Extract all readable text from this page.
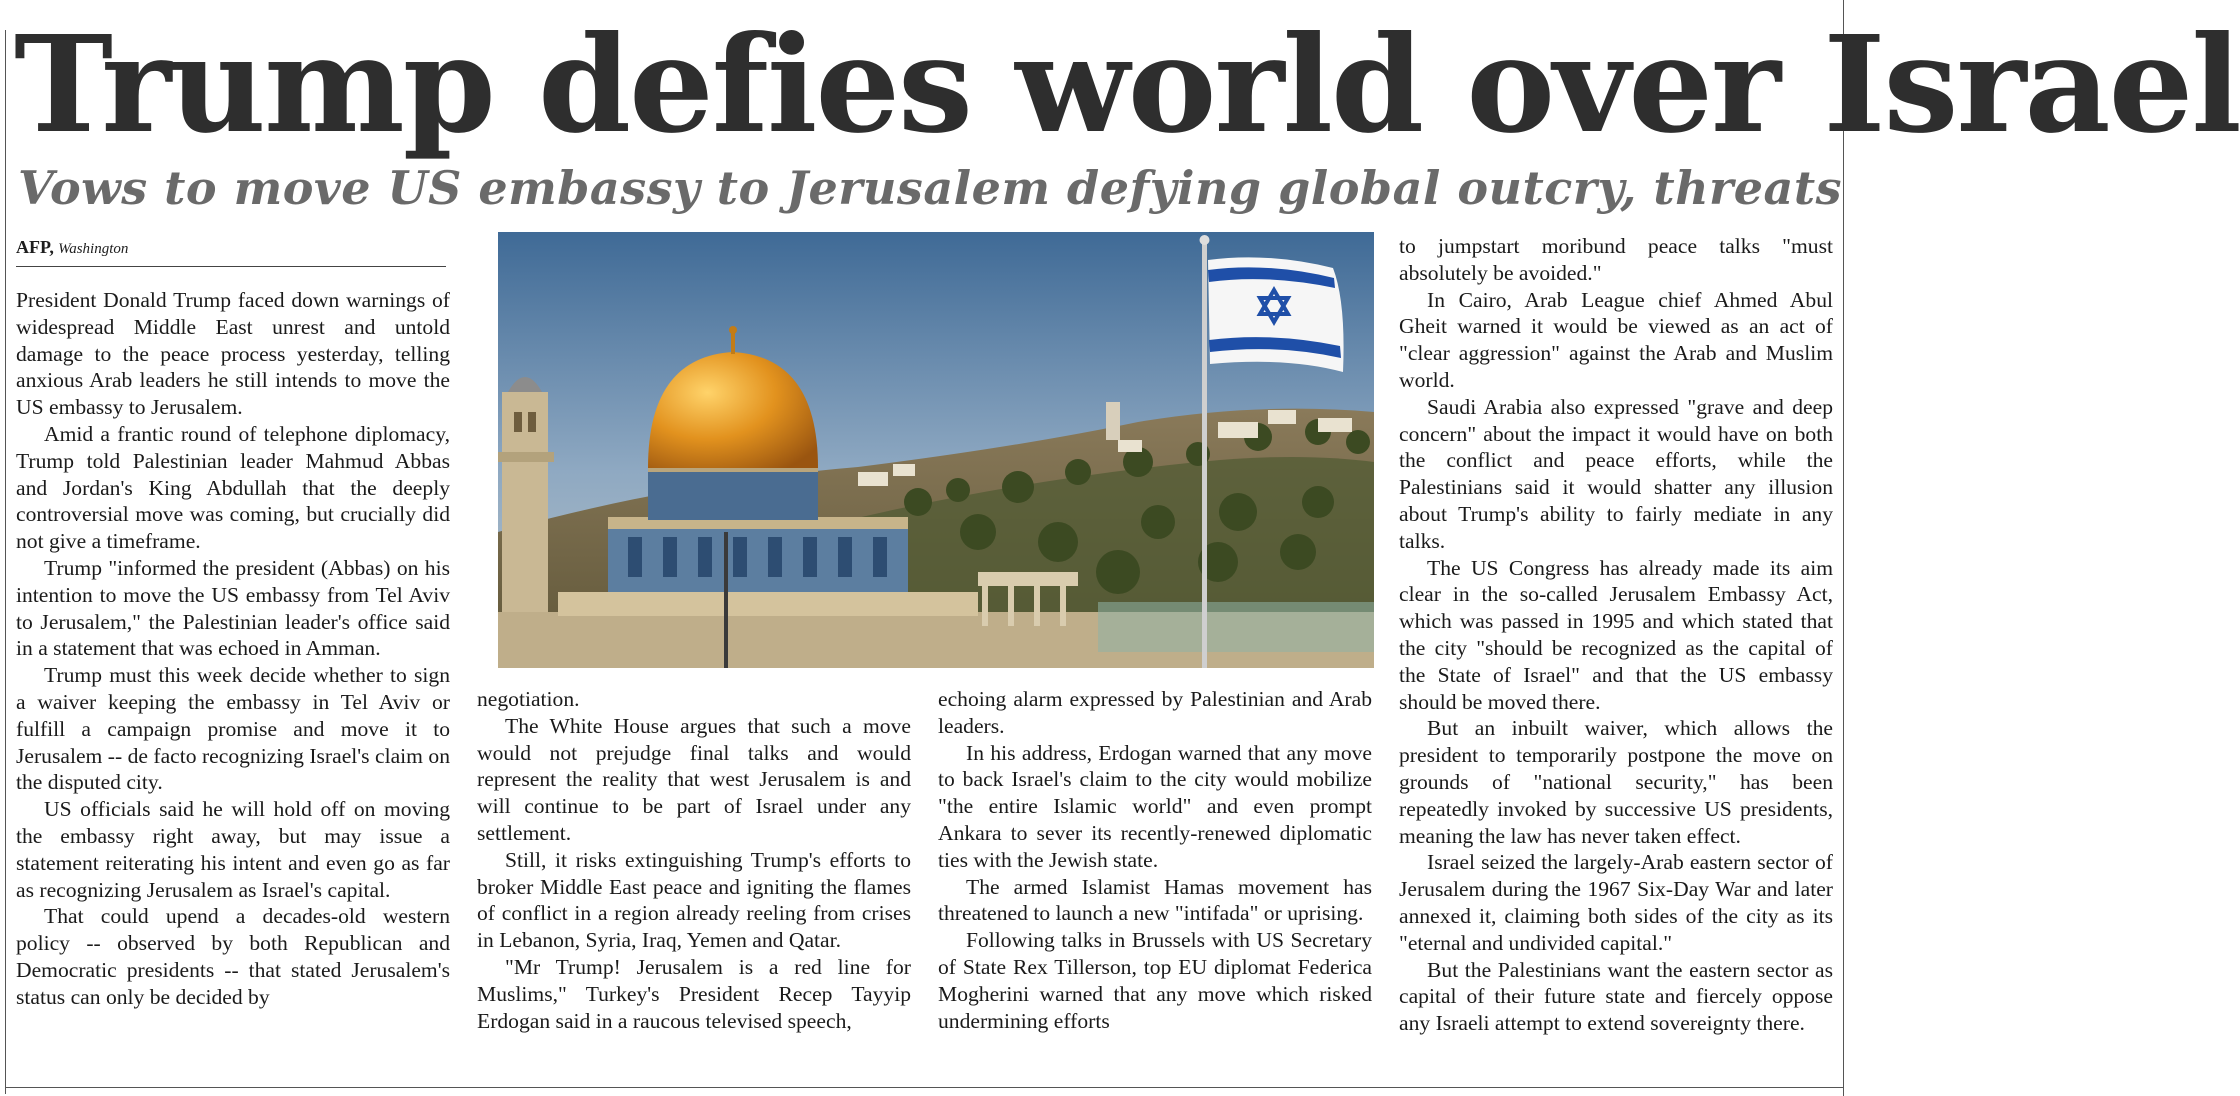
Trump defies world over Israel
Vows to move US embassy to Jerusalem defying global outcry, threats
AFP, Washington

President Donald Trump faced down warnings of widespread Middle East unrest and untold damage to the peace process yesterday, telling anxious Arab leaders he still intends to move the US embassy to Jerusalem.

Amid a frantic round of telephone diplomacy, Trump told Palestinian leader Mahmud Abbas and Jordan's King Abdullah that the deeply controversial move was coming, but crucially did not give a timeframe.

Trump "informed the president (Abbas) on his intention to move the US embassy from Tel Aviv to Jerusalem," the Palestinian leader's office said in a statement that was echoed in Amman.

Trump must this week decide whether to sign a waiver keeping the embassy in Tel Aviv or fulfill a campaign promise and move it to Jerusalem -- de facto recognizing Israel's claim on the disputed city.

US officials said he will hold off on moving the embassy right away, but may issue a statement reiterating his intent and even go as far as recognizing Jerusalem as Israel's capital.

That could upend a decades-old western policy -- observed by both Republican and Democratic presidents -- that stated Jerusalem's status can only be decided by

negotiation.

The White House argues that such a move would not prejudge final talks and would represent the reality that west Jerusalem is and will continue to be part of Israel under any settlement.

Still, it risks extinguishing Trump's efforts to broker Middle East peace and igniting the flames of conflict in a region already reeling from crises in Lebanon, Syria, Iraq, Yemen and Qatar.

"Mr Trump! Jerusalem is a red line for Muslims," Turkey's President Recep Tayyip Erdogan said in a raucous televised speech,

echoing alarm expressed by Palestinian and Arab leaders.

In his address, Erdogan warned that any move to back Israel's claim to the city would mobilize "the entire Islamic world" and even prompt Ankara to sever its recently-renewed diplomatic ties with the Jewish state.

The armed Islamist Hamas movement has threatened to launch a new "intifada" or uprising.

Following talks in Brussels with US Secretary of State Rex Tillerson, top EU diplomat Federica Mogherini warned that any move which risked undermining efforts

to jumpstart moribund peace talks "must absolutely be avoided."

In Cairo, Arab League chief Ahmed Abul Gheit warned it would be viewed as an act of "clear aggression" against the Arab and Muslim world.

Saudi Arabia also expressed "grave and deep concern" about the impact it would have on both the conflict and peace efforts, while the Palestinians said it would shatter any illusion about Trump's ability to fairly mediate in any talks.

The US Congress has already made its aim clear in the so-called Jerusalem Embassy Act, which was passed in 1995 and which stated that the city "should be recognized as the capital of the State of Israel" and that the US embassy should be moved there.

But an inbuilt waiver, which allows the president to temporarily postpone the move on grounds of "national security," has been repeatedly invoked by successive US presidents, meaning the law has never taken effect.

Israel seized the largely-Arab eastern sector of Jerusalem during the 1967 Six-Day War and later annexed it, claiming both sides of the city as its "eternal and undivided capital."

But the Palestinians want the eastern sector as capital of their future state and fiercely oppose any Israeli attempt to extend sovereignty there.
